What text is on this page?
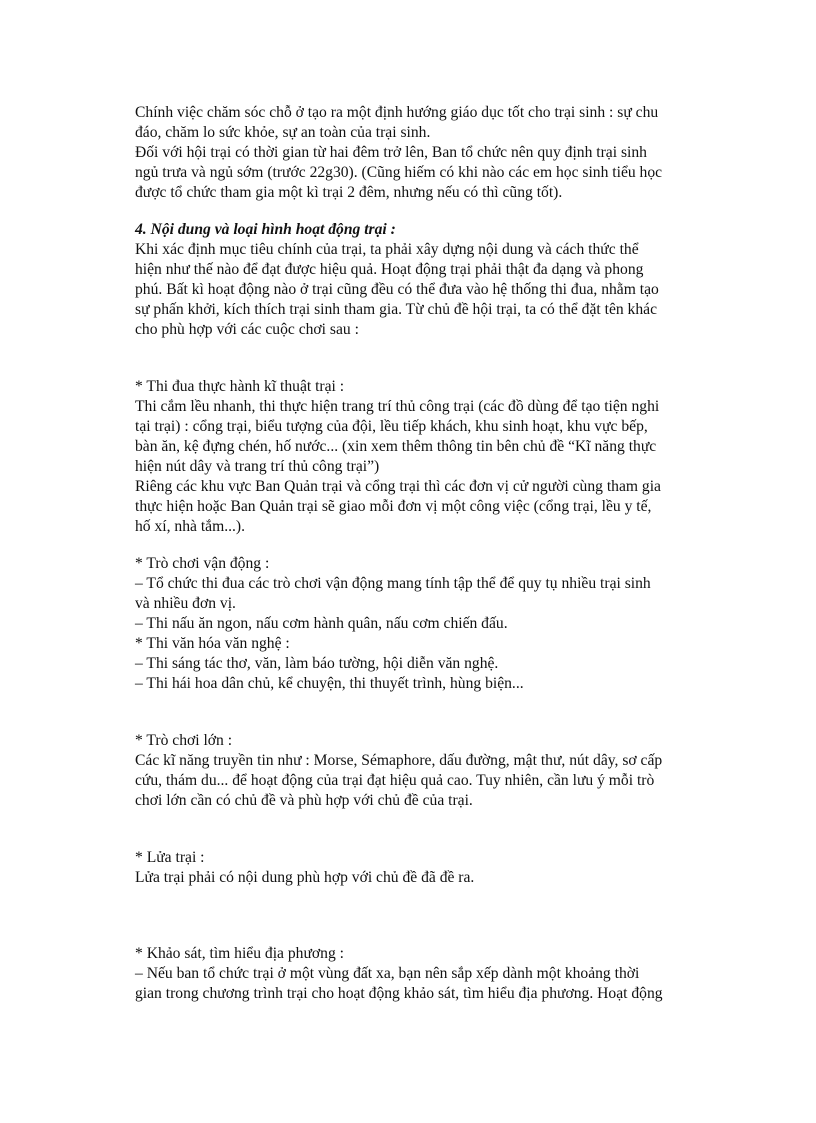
Chính việc chăm sóc chỗ ở tạo ra một định hướng giáo dục tốt cho trại sinh : sự chu
đáo, chăm lo sức khỏe, sự an toàn của trại sinh.
Đối với hội trại có thời gian từ hai đêm trở lên, Ban tổ chức nên quy định trại sinh
ngủ trưa và ngủ sớm (trước 22g30). (Cũng hiếm có khi nào các em học sinh tiểu học
được tổ chức tham gia một kì trại 2 đêm, nhưng nếu có thì cũng tốt).
4. Nội dung và loại hình hoạt động trại :
Khi xác định mục tiêu chính của trại, ta phải xây dựng nội dung và cách thức thể
hiện như thế nào để đạt được hiệu quả. Hoạt động trại phải thật đa dạng và phong
phú. Bất kì hoạt động nào ở trại cũng đều có thể đưa vào hệ thống thi đua, nhằm tạo
sự phấn khởi, kích thích trại sinh tham gia. Từ chủ đề hội trại, ta có thể đặt tên khác
cho phù hợp với các cuộc chơi sau :
* Thi đua thực hành kĩ thuật trại :
Thi cắm lều nhanh, thi thực hiện trang trí thủ công trại (các đồ dùng để tạo tiện nghi
tại trại) : cổng trại, biểu tượng của đội, lều tiếp khách, khu sinh hoạt, khu vực bếp,
bàn ăn, kệ đựng chén, hố nước... (xin xem thêm thông tin bên chủ đề “Kĩ năng thực
hiện nút dây và trang trí thủ công trại”)
Riêng các khu vực Ban Quản trại và cổng trại thì các đơn vị cử người cùng tham gia
thực hiện hoặc Ban Quản trại sẽ giao mỗi đơn vị một công việc (cổng trại, lều y tế,
hố xí, nhà tắm...).
* Trò chơi vận động :
– Tổ chức thi đua các trò chơi vận động mang tính tập thể để quy tụ nhiều trại sinh
và nhiều đơn vị.
– Thi nấu ăn ngon, nấu cơm hành quân, nấu cơm chiến đấu.
* Thi văn hóa văn nghệ :
– Thi sáng tác thơ, văn, làm báo tường, hội diễn văn nghệ.
– Thi hái hoa dân chủ, kể chuyện, thi thuyết trình, hùng biện...
* Trò chơi lớn :
Các kĩ năng truyền tin như : Morse, Sémaphore, dấu đường, mật thư, nút dây, sơ cấp
cứu, thám du... để hoạt động của trại đạt hiệu quả cao. Tuy nhiên, cần lưu ý mỗi trò
chơi lớn cần có chủ đề và phù hợp với chủ đề của trại.
* Lửa trại :
Lửa trại phải có nội dung phù hợp với chủ đề đã đề ra.
* Khảo sát, tìm hiểu địa phương :
– Nếu ban tổ chức trại ở một vùng đất xa, bạn nên sắp xếp dành một khoảng thời
gian trong chương trình trại cho hoạt động khảo sát, tìm hiểu địa phương. Hoạt động
